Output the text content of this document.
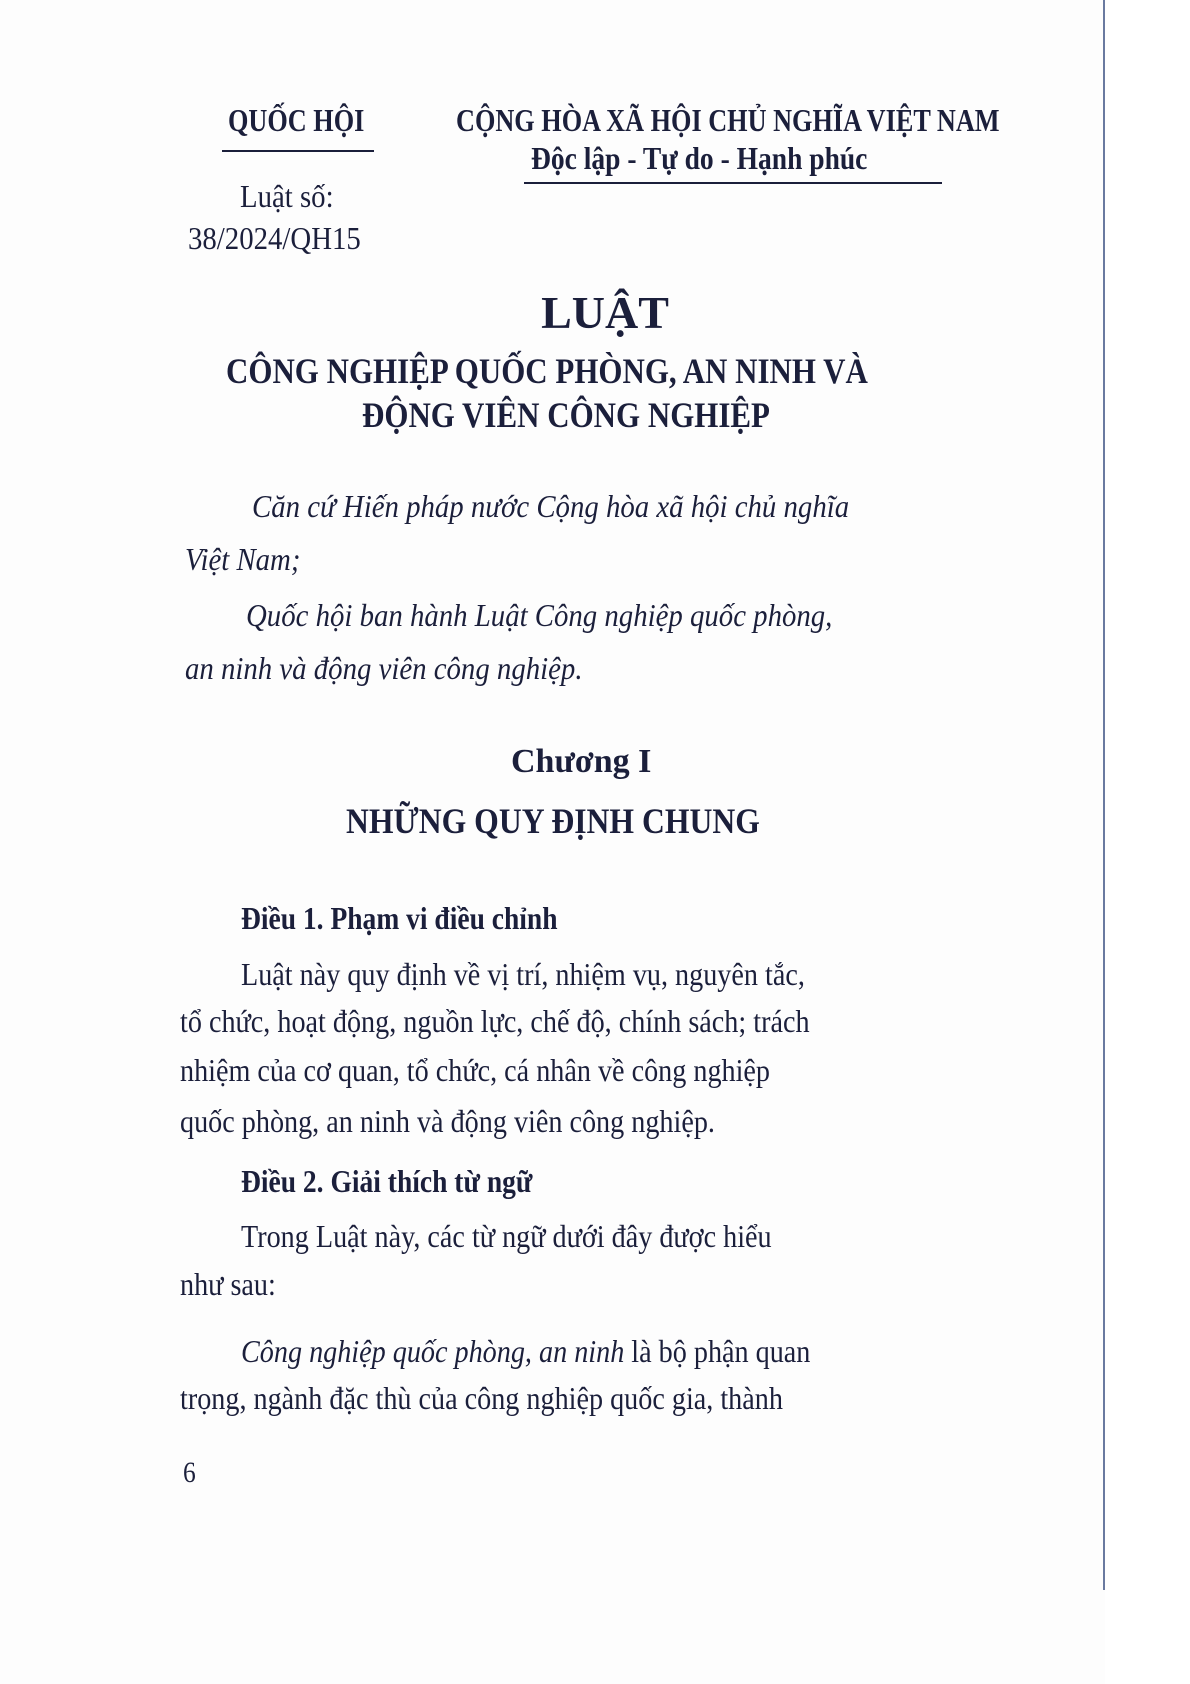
QUỐC HỘI	CỘNG HÒA XÃ HỘI CHỦ NGHĨA VIỆT NAM
Độc lập - Tự do - Hạnh phúc
Luật số:
38/2024/QH15
LUẬT
CÔNG NGHIỆP QUỐC PHÒNG, AN NINH VÀ
ĐỘNG VIÊN CÔNG NGHIỆP
Căn cứ Hiến pháp nước Cộng hòa xã hội chủ nghĩa
Việt Nam;
Quốc hội ban hành Luật Công nghiệp quốc phòng,
an ninh và động viên công nghiệp.
Chương I
NHỮNG QUY ĐỊNH CHUNG
Điều 1. Phạm vi điều chỉnh
Luật này quy định về vị trí, nhiệm vụ, nguyên tắc,
tổ chức, hoạt động, nguồn lực, chế độ, chính sách; trách
nhiệm của cơ quan, tổ chức, cá nhân về công nghiệp
quốc phòng, an ninh và động viên công nghiệp.
Điều 2. Giải thích từ ngữ
Trong Luật này, các từ ngữ dưới đây được hiểu
như sau:
Công nghiệp quốc phòng, an ninh là bộ phận quan
trọng, ngành đặc thù của công nghiệp quốc gia, thành
6
